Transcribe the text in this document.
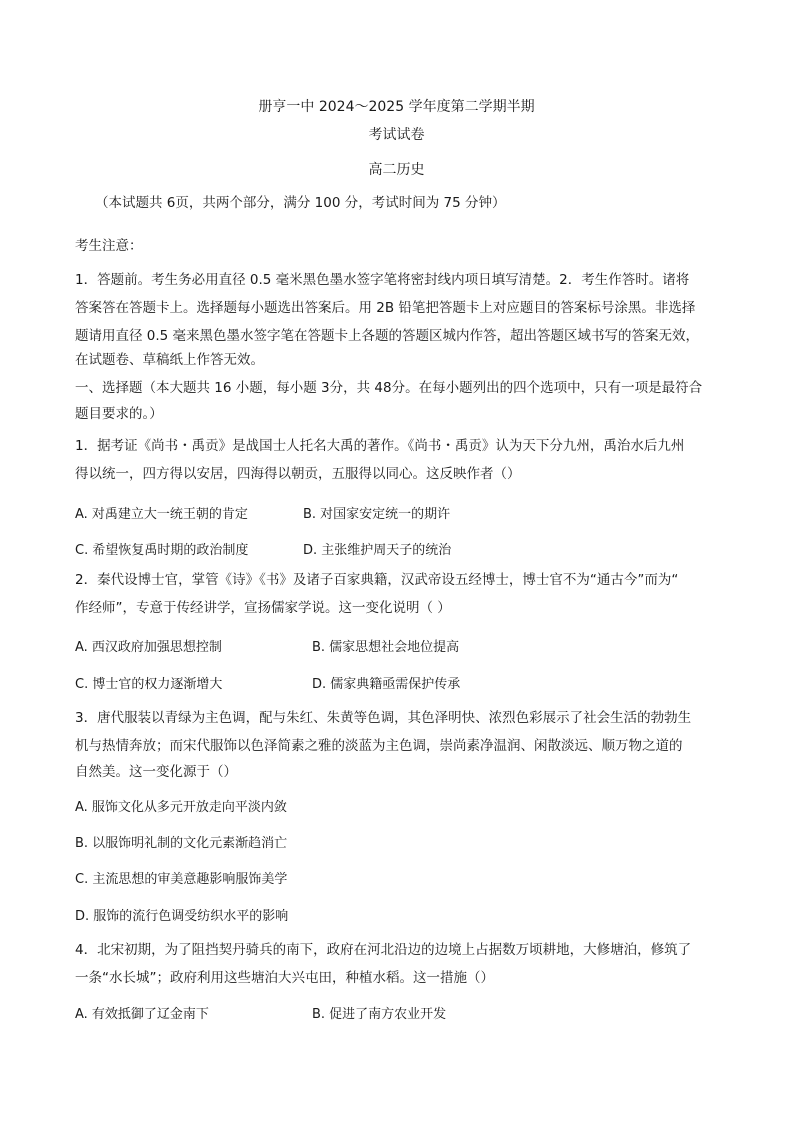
册亨一中 2024～2025 学年度第二学期半期
考试试卷
高二历史
（本试题共 6页，共两个部分，满分 100 分，考试时间为 75 分钟）
考生注意：
1．答题前。考生务必用直径 0.5 毫米黑色墨水签字笔将密封线内项日填写清楚。2．考生作答时。诸将
答案答在答题卡上。选择题每小题选出答案后。用 2B 铅笔把答题卡上对应题目的答案标号涂黑。非选择
题请用直径 0.5 毫来黑色墨水签字笔在答题卡上各题的答题区城内作答，超出答题区域书写的答案无效，
在试题卷、草稿纸上作答无效。
一、选择题（本大题共 16 小题，每小题 3分，共 48分。在每小题列出的四个选项中，只有一项是最符合
题目要求的。）
1．据考证《尚书・禹贡》是战国士人托名大禹的著作。《尚书・禹贡》认为天下分九州，禹治水后九州
得以统一，四方得以安居，四海得以朝贡，五服得以同心。这反映作者（）
A. 对禹建立大一统王朝的肯定	B. 对国家安定统一的期许
C. 希望恢复禹时期的政治制度	D. 主张维护周天子的统治
2．秦代设博士官，掌管《诗》《书》及诸子百家典籍，汉武帝设五经博士，博士官不为“通古今”而为“
作经师”，专意于传经讲学，宣扬儒家学说。这一变化说明（ ）
A. 西汉政府加强思想控制	B. 儒家思想社会地位提高
C. 博士官的权力逐渐增大	D. 儒家典籍亟需保护传承
3．唐代服装以青绿为主色调，配与朱红、朱黄等色调，其色泽明快、浓烈色彩展示了社会生活的勃勃生
机与热情奔放；而宋代服饰以色泽简素之雅的淡蓝为主色调，崇尚素净温润、闲散淡远、顺万物之道的
自然美。这一变化源于（）
A. 服饰文化从多元开放走向平淡内敛
B. 以服饰明礼制的文化元素渐趋消亡
C. 主流思想的审美意趣影响服饰美学
D. 服饰的流行色调受纺织水平的影响
4．北宋初期，为了阻挡契丹骑兵的南下，政府在河北沿边的边境上占据数万顷耕地，大修塘泊，修筑了
一条“水长城”；政府利用这些塘泊大兴屯田，种植水稻。这一措施（）
A. 有效抵御了辽金南下	B. 促进了南方农业开发
